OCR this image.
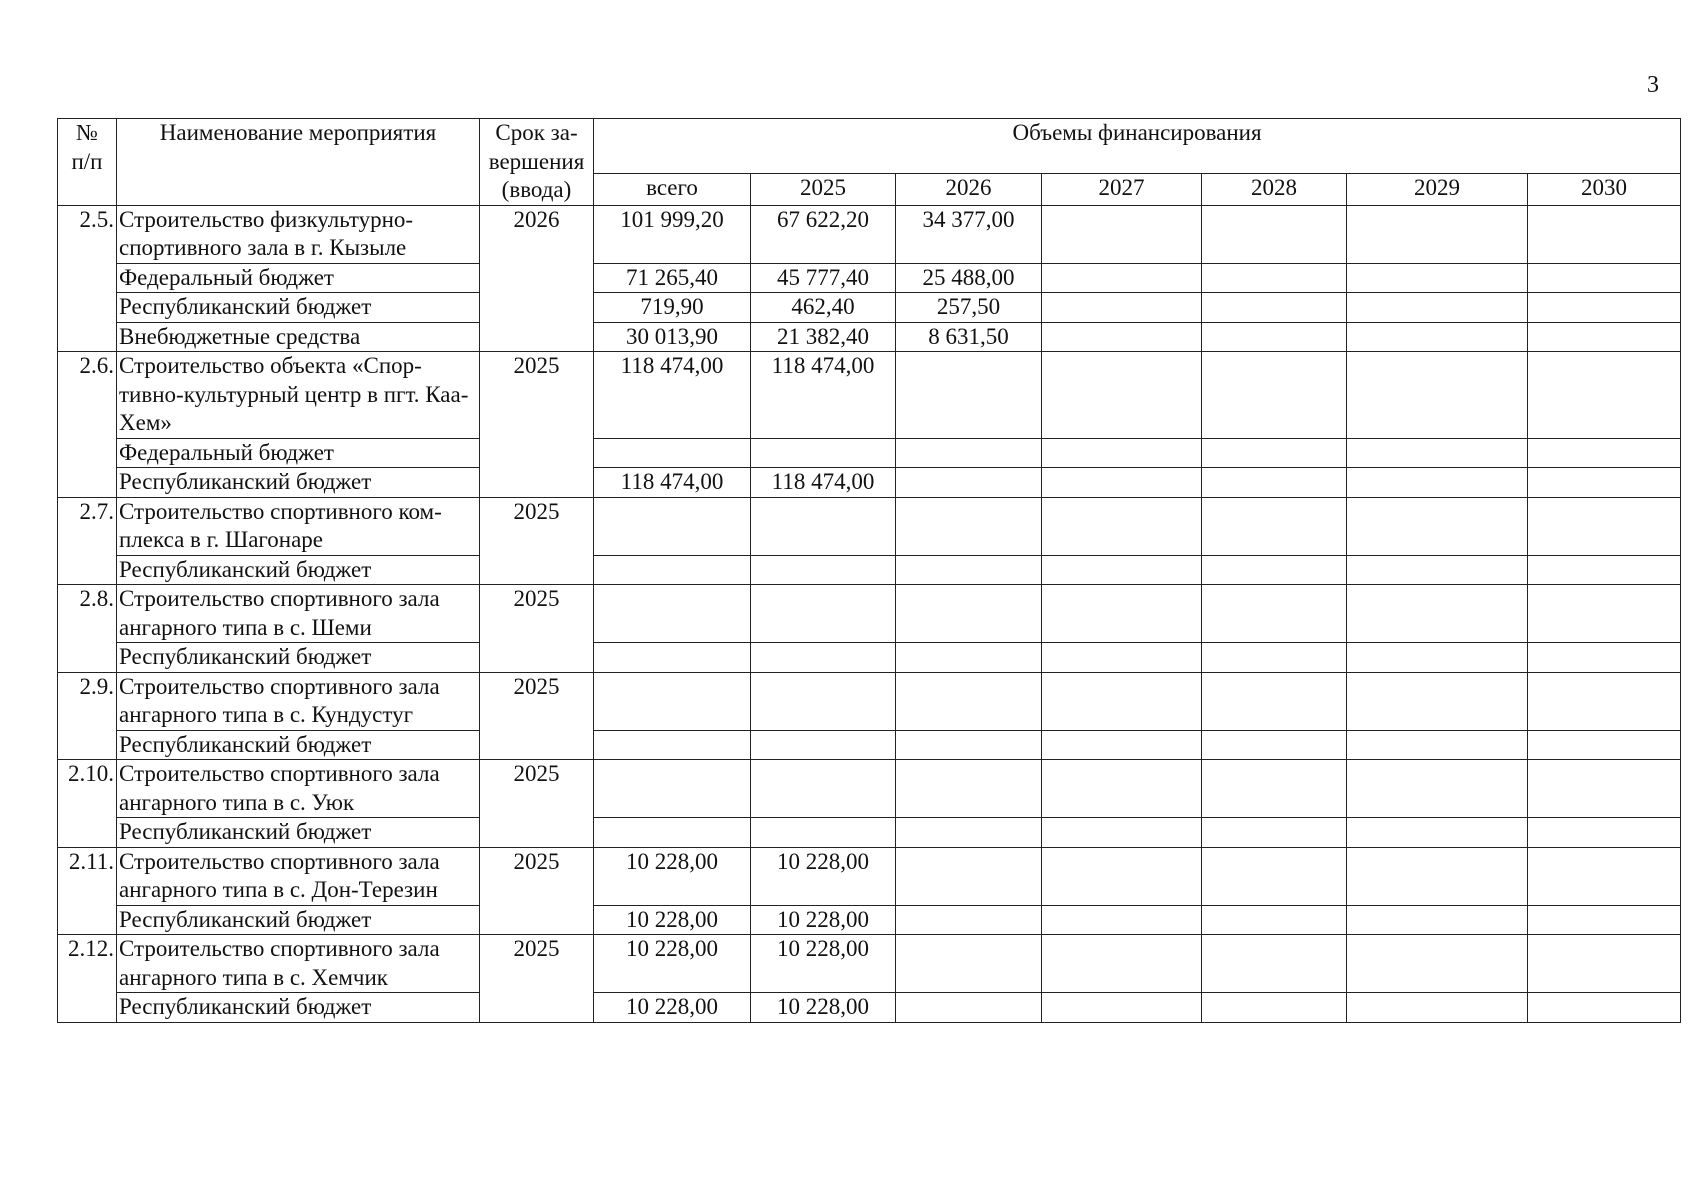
3
№
п/п	Наименование мероприятия	Срок за-
вершения
(ввода)	Объемы финансирования						
			всего	2025	2026	2027	2028	2029	2030
2.5.	Строительство физкультурно-спортивного зала в г. Кызыле	2026	101 999,20	67 622,20	34 377,00				
	Федеральный бюджет		71 265,40	45 777,40	25 488,00				
	Республиканский бюджет		719,90	462,40	257,50				
	Внебюджетные средства		30 013,90	21 382,40	8 631,50				
2.6.	Строительство объекта «Спор-тивно-культурный центр в пгт. Каа-Хем»	2025	118 474,00	118 474,00					
	Федеральный бюджет								
	Республиканский бюджет		118 474,00	118 474,00					
2.7.	Строительство спортивного ком-плекса в г. Шагонаре	2025							
	Республиканский бюджет								
2.8.	Строительство спортивного зала ангарного типа в с. Шеми	2025							
	Республиканский бюджет								
2.9.	Строительство спортивного зала ангарного типа в с. Кундустуг	2025							
	Республиканский бюджет								
2.10.	Строительство спортивного зала ангарного типа в с. Уюк	2025							
	Республиканский бюджет								
2.11.	Строительство спортивного зала ангарного типа в с. Дон-Терезин	2025	10 228,00	10 228,00					
	Республиканский бюджет		10 228,00	10 228,00					
2.12.	Строительство спортивного зала ангарного типа в с. Хемчик	2025	10 228,00	10 228,00					
	Республиканский бюджет		10 228,00	10 228,00					
